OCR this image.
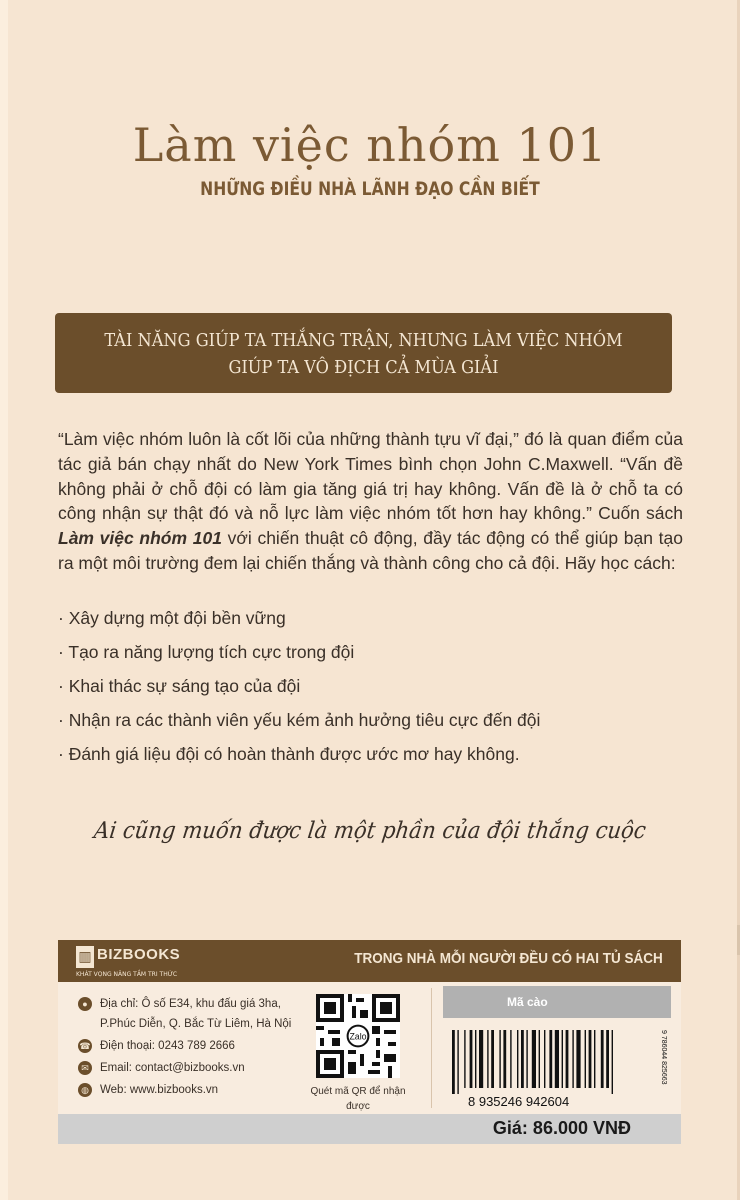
Làm việc nhóm 101
NHỮNG ĐIỀU NHÀ LÃNH ĐẠO CẦN BIẾT
TÀI NĂNG GIÚP TA THẮNG TRẬN, NHƯNG LÀM VIỆC NHÓM
GIÚP TA VÔ ĐỊCH CẢ MÙA GIẢI
“Làm việc nhóm luôn là cốt lõi của những thành tựu vĩ đại,” đó là quan điểm của tác giả bán chạy nhất do New York Times bình chọn John C.Maxwell. “Vấn đề không phải ở chỗ đội có làm gia tăng giá trị hay không. Vấn đề là ở chỗ ta có công nhận sự thật đó và nỗ lực làm việc nhóm tốt hơn hay không.” Cuốn sách Làm việc nhóm 101 với chiến thuật cô động, đầy tác động có thể giúp bạn tạo ra một môi trường đem lại chiến thắng và thành công cho cả đội. Hãy học cách:
· Xây dựng một đội bền vững
· Tạo ra năng lượng tích cực trong đội
· Khai thác sự sáng tạo của đội
· Nhận ra các thành viên yếu kém ảnh hưởng tiêu cực đến đội
· Đánh giá liệu đội có hoàn thành được ước mơ hay không.
Ai cũng muốn được là một phần của đội thắng cuộc
▥ BIZBOOKS
KHÁT VỌNG NÂNG TẦM TRI THỨC
TRONG NHÀ MỖI NGƯỜI ĐỀU CÓ HAI TỦ SÁCH
●	Địa chỉ: Ô số E34, khu đấu giá 3ha,
P.Phúc Diễn, Q. Bắc Từ Liêm, Hà Nội
☎ Điện thoại: 0243 789 2666
✉ Email: contact@bizbooks.vn
◍ Web: www.bizbooks.vn
Zalo
Quét mã QR để nhận được
Mã cào
8 935246 942604
9 786044 825663
Giá: 86.000 VNĐ
